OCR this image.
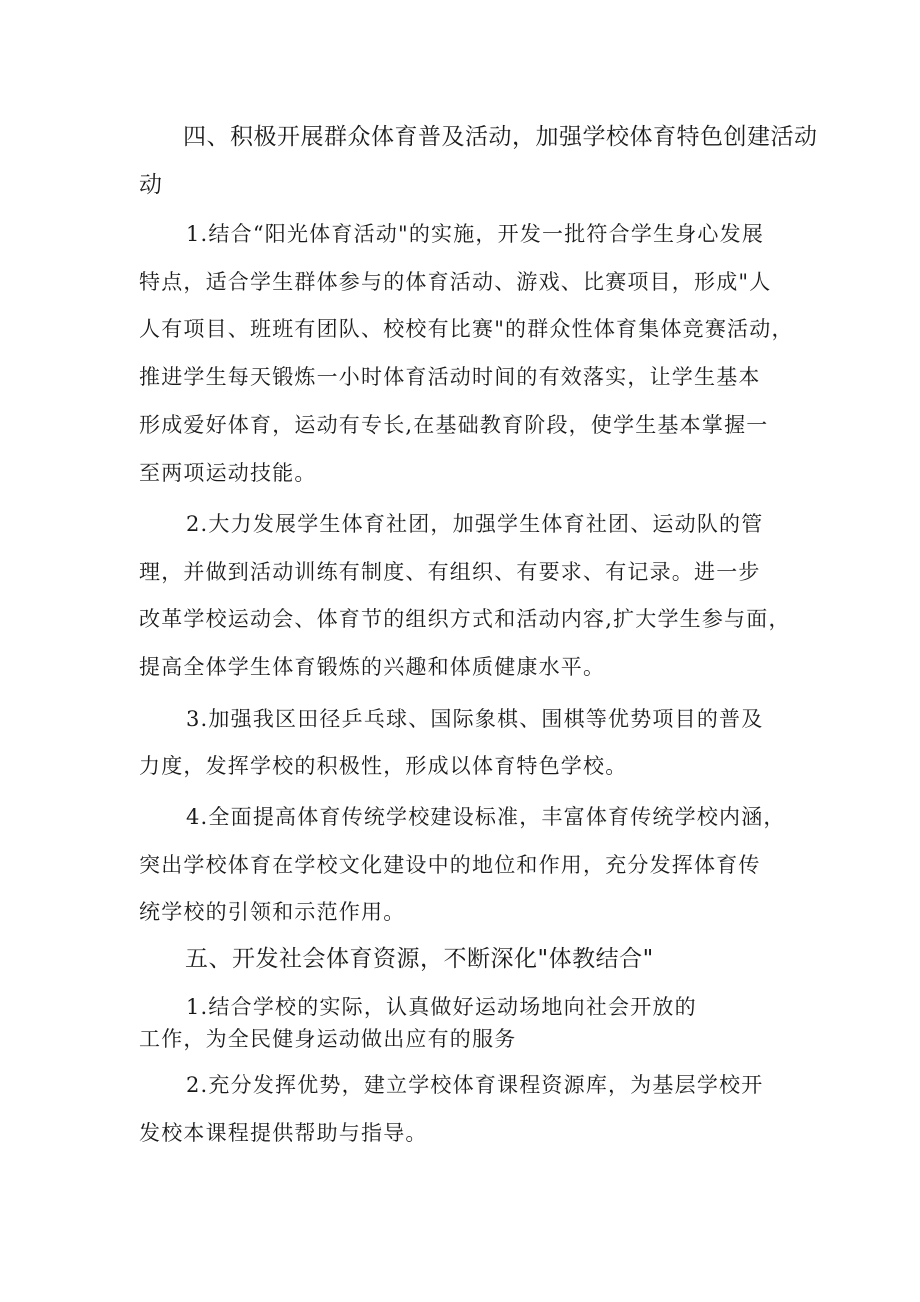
四、积极开展群众体育普及活动，加强学校体育特色创建活动
动
1.结合“阳光体育活动"的实施，开发一批符合学生身心发展
特点，适合学生群体参与的体育活动、游戏、比赛项目，形成"人
人有项目、班班有团队、校校有比赛"的群众性体育集体竞赛活动，
推进学生每天锻炼一小时体育活动时间的有效落实，让学生基本
形成爱好体育，运动有专长,在基础教育阶段，使学生基本掌握一
至两项运动技能。
2.大力发展学生体育社团，加强学生体育社团、运动队的管
理，并做到活动训练有制度、有组织、有要求、有记录。进一步
改革学校运动会、体育节的组织方式和活动内容,扩大学生参与面，
提高全体学生体育锻炼的兴趣和体质健康水平。
3.加强我区田径乒乓球、国际象棋、围棋等优势项目的普及
力度，发挥学校的积极性，形成以体育特色学校。
4.全面提高体育传统学校建设标准，丰富体育传统学校内涵，
突出学校体育在学校文化建设中的地位和作用，充分发挥体育传
统学校的引领和示范作用。
五、开发社会体育资源，不断深化"体教结合"
1.结合学校的实际，认真做好运动场地向社会开放的
工作，为全民健身运动做出应有的服务
2.充分发挥优势，建立学校体育课程资源库，为基层学校开
发校本课程提供帮助与指导。
